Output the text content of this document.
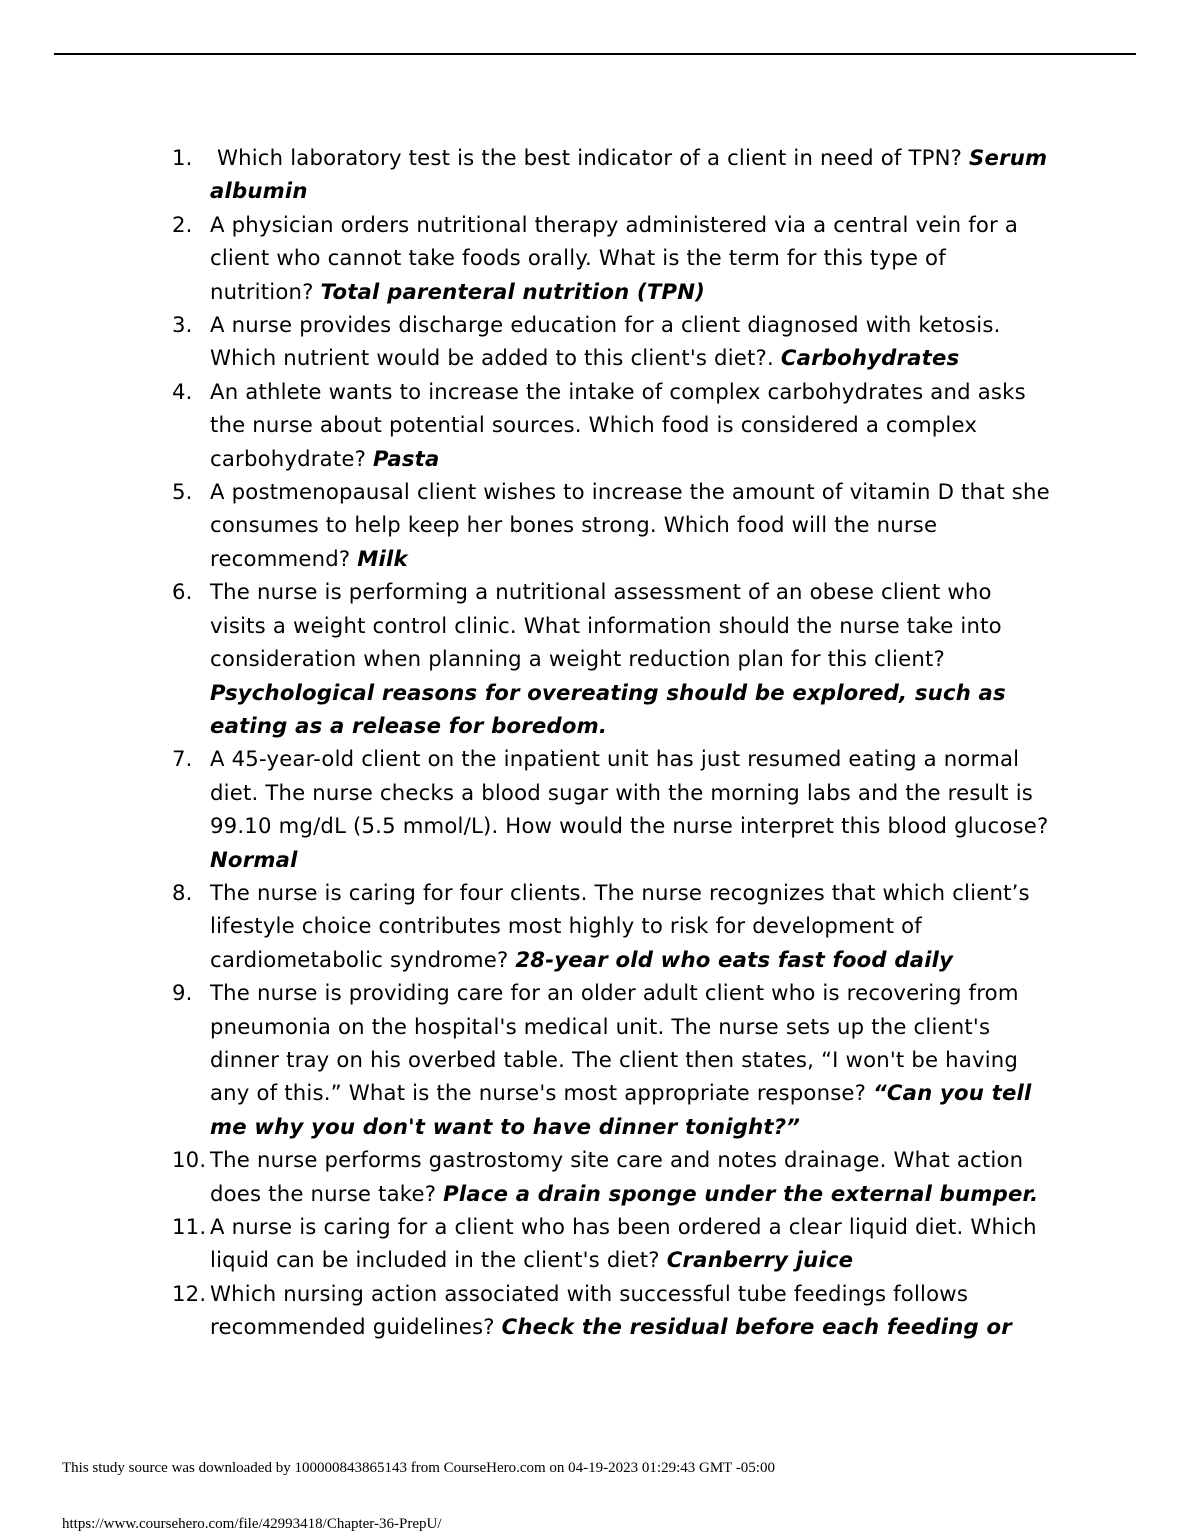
1. Which laboratory test is the best indicator of a client in need of TPN? Serum albumin
2. A physician orders nutritional therapy administered via a central vein for a client who cannot take foods orally. What is the term for this type of nutrition? Total parenteral nutrition (TPN)
3. A nurse provides discharge education for a client diagnosed with ketosis. Which nutrient would be added to this client's diet?. Carbohydrates
4. An athlete wants to increase the intake of complex carbohydrates and asks the nurse about potential sources. Which food is considered a complex carbohydrate? Pasta
5. A postmenopausal client wishes to increase the amount of vitamin D that she consumes to help keep her bones strong. Which food will the nurse recommend? Milk
6. The nurse is performing a nutritional assessment of an obese client who visits a weight control clinic. What information should the nurse take into consideration when planning a weight reduction plan for this client? Psychological reasons for overeating should be explored, such as eating as a release for boredom.
7. A 45-year-old client on the inpatient unit has just resumed eating a normal diet. The nurse checks a blood sugar with the morning labs and the result is 99.10 mg/dL (5.5 mmol/L). How would the nurse interpret this blood glucose? Normal
8. The nurse is caring for four clients. The nurse recognizes that which client’s lifestyle choice contributes most highly to risk for development of cardiometabolic syndrome? 28-year old who eats fast food daily
9. The nurse is providing care for an older adult client who is recovering from pneumonia on the hospital's medical unit. The nurse sets up the client's dinner tray on his overbed table. The client then states, “I won't be having any of this.” What is the nurse's most appropriate response? “Can you tell me why you don't want to have dinner tonight?”
10. The nurse performs gastrostomy site care and notes drainage. What action does the nurse take? Place a drain sponge under the external bumper.
11. A nurse is caring for a client who has been ordered a clear liquid diet. Which liquid can be included in the client's diet? Cranberry juice
12. Which nursing action associated with successful tube feedings follows recommended guidelines? Check the residual before each feeding or
This study source was downloaded by 100000843865143 from CourseHero.com on 04-19-2023 01:29:43 GMT -05:00
https://www.coursehero.com/file/42993418/Chapter-36-PrepU/
